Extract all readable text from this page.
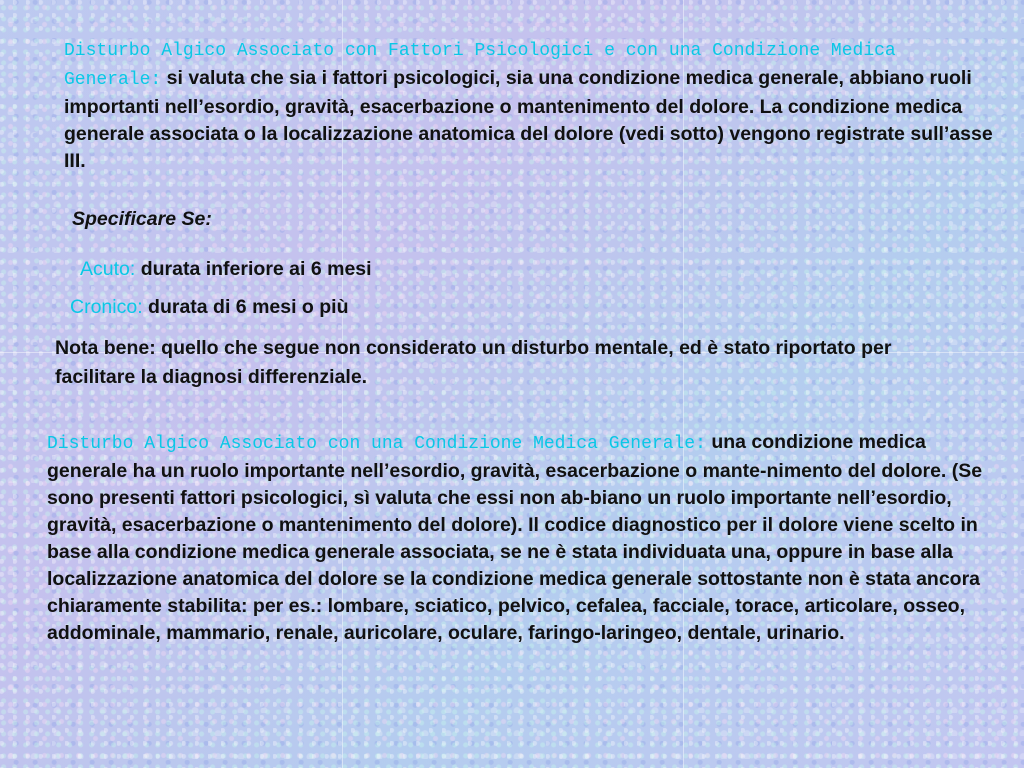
Disturbo Algico Associato con Fattori Psicologici e con una Condizione Medica Generale: si valuta che sia i fattori psicologici, sia una condizione medica generale, abbiano ruoli importanti nell’esordio, gravità, esacerbazione o mantenimento del dolore. La condizione medica generale associata o la localizzazione anatomica del dolore (vedi sotto) vengono registrate sull’asse III.
Specificare Se:
Acuto: durata inferiore ai 6 mesi
Cronico: durata di 6 mesi o più
Nota bene: quello che segue non considerato un disturbo mentale, ed è stato riportato per facilitare la diagnosi differenziale.
Disturbo Algico Associato con una Condizione Medica Generale: una condizione medica generale ha un ruolo importante nell’esordio, gravità, esacerbazione o mante-nimento del dolore. (Se sono presenti fattori psicologici, sì valuta che essi non ab-biano un ruolo importante nell’esordio, gravità, esacerbazione o mantenimento del dolore). Il codice diagnostico per il dolore viene scelto in base alla condizione medica generale associata, se ne è stata individuata una, oppure in base alla localizzazione anatomica del dolore se la condizione medica generale sottostante non è stata ancora chiaramente stabilita: per es.: lombare, sciatico, pelvico, cefalea, facciale, torace, articolare, osseo, addominale, mammario, renale, auricolare, oculare, faringo-laringeo, dentale, urinario.
